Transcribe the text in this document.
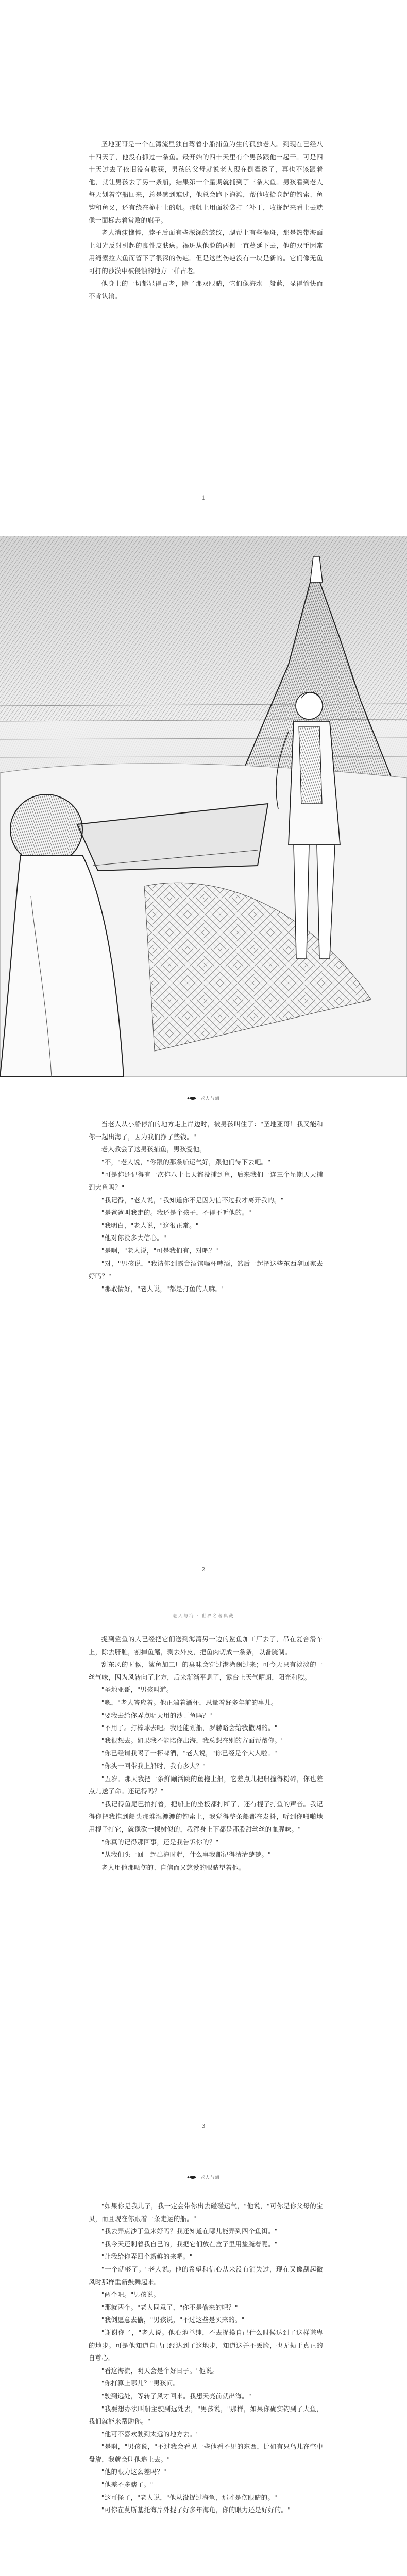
圣地亚哥是一个在湾流里独自驾着小船捕鱼为生的孤独老人。到现在已经八十四天了，他没有抓过一条鱼。最开始的四十天里有个男孩跟他一起干。可是四十天过去了依旧没有收获，男孩的父母就说老人现在倒霉透了，再也不该跟着他，就让男孩去了另一条船，结果第一个星期就捕到了三条大鱼。男孩看到老人每天划着空船回来，总是感到难过，他总会跑下海滩，帮他收拾卷起的钓索、鱼钩和鱼叉，还有绕在桅杆上的帆。那帆上用面粉袋打了补丁，收拢起来看上去就像一面标志着常败的旗子。

老人消瘦憔悴，脖子后面有些深深的皱纹，腮帮上有些褐斑，那是热带海面上阳光反射引起的良性皮肤癌。褐斑从他脸的两侧一直蔓延下去，他的双手因常用绳索拉大鱼而留下了很深的伤疤。但是这些伤疤没有一块是新的。它们像无鱼可打的沙漠中被侵蚀的地方一样古老。

他身上的一切都显得古老，除了那双眼睛，它们像海水一般蓝，显得愉快而不肯认输。

1
老人与海

当老人从小船停泊的地方走上岸边时，被男孩叫住了："圣地亚哥！我又能和你一起出海了，因为我们挣了些钱。"

老人教会了这男孩捕鱼，男孩爱他。

"不，"老人说，"你跟的那条船运气好，跟他们待下去吧。"

"可是你还记得有一次你八十七天都没捕到鱼，后来我们一连三个星期天天捕到大鱼吗？"

"我记得，"老人说，"我知道你不是因为信不过我才离开我的。"

"是爸爸叫我走的。我还是个孩子，不得不听他的。"

"我明白，"老人说，"这很正常。"

"他对你没多大信心。"

"是啊，"老人说，"可是我们有，对吧？"

"对，"男孩说，"我请你到露台酒馆喝杯啤酒，然后一起把这些东西拿回家去好吗？"

"那敢情好，"老人说，"都是打鱼的人嘛。"

2
老人与海 · 世界名著典藏

捉到鲨鱼的人已经把它们送到海湾另一边的鲨鱼加工厂去了，吊在复合滑车上，除去肝脏，割掉鱼鳍，剥去外皮，把鱼肉切成一条条，以备腌制。

刮东风的时候，鲨鱼加工厂的臭味会穿过港湾飘过来；可今天只有淡淡的一丝气味，因为风转向了北方，后来渐渐平息了，露台上天气晴朗，阳光和煦。

"圣地亚哥，"男孩叫道。

"嗯，"老人答应着。他正端着酒杯，思量着好多年前的事儿。

"要我去给你弄点明天用的沙丁鱼吗？"

"不用了。打棒球去吧。我还能划船，罗赫略会给我撒网的。"

"我很想去。如果我不能陪你出海，我总想在别的方面帮帮你。"

"你已经请我喝了一杯啤酒，"老人说，"你已经是个大人啦。"

"你头一回带我上船时，我有多大？"

"五岁。那天我把一条鲜蹦活跳的鱼拖上船，它差点儿把船撞得粉碎，你也差点儿送了命。还记得吗？"

"我记得鱼尾巴拍打着，把船上的坐板都打断了，还有棍子打鱼的声音。我记得你把我推到船头那堆湿漉漉的钓索上，我觉得整条船都在发抖，听到你啪啪地用棍子打它，就像砍一棵树似的，我浑身上下都是那股甜丝丝的血腥味。"

"你真的记得那回事，还是我告诉你的？"

"从我们头一回一起出海时起，什么事我都记得清清楚楚。"

老人用他那晒伤的、自信而又慈爱的眼睛望着他。

3
老人与海

"如果你是我儿子，我一定会带你出去碰碰运气，"他说，"可你是你父母的宝贝，而且现在你跟着一条走运的船。"

"我去弄点沙丁鱼来好吗？我还知道在哪儿能弄到四个鱼饵。"

"我今天还剩着我自己的，我把它们放在盒子里用盐腌着呢。"

"让我给你弄四个新鲜的来吧。"

"一个就够了。"老人说。他的希望和信心从来没有消失过，现在又像刮起微风时那样重新鼓舞起来。

"两个吧。"男孩说。

"那就两个。"老人同意了，"你不是偷来的吧？"

"我倒愿意去偷，"男孩说，"不过这些是买来的。"

"谢谢你了，"老人说。他心地单纯，不去捉摸自己什么时候达到了这样谦卑的地步。可是他知道自己已经达到了这地步，知道这并不丢脸，也无损于真正的自尊心。

"看这海流，明天会是个好日子。"他说。

"你打算上哪儿？"男孩问。

"驶到远处，等转了风才回来。我想天亮前就出海。"

"我要想办法叫船主驶到远处去，"男孩说，"那样，如果你确实钓到了大鱼，我们就能来帮助你。"

"他可不喜欢驶到太远的地方去。"

"是啊，"男孩说，"不过我会看见一些他看不见的东西，比如有只鸟儿在空中盘旋，我就会叫他追上去。"

"他的眼力这么差吗？"

"他差不多瞎了。"

"这可怪了，"老人说，"他从没捉过海龟，那才是伤眼睛的。"

"可你在莫斯基托海岸外捉了好多年海龟，你的眼力还是好好的。"
